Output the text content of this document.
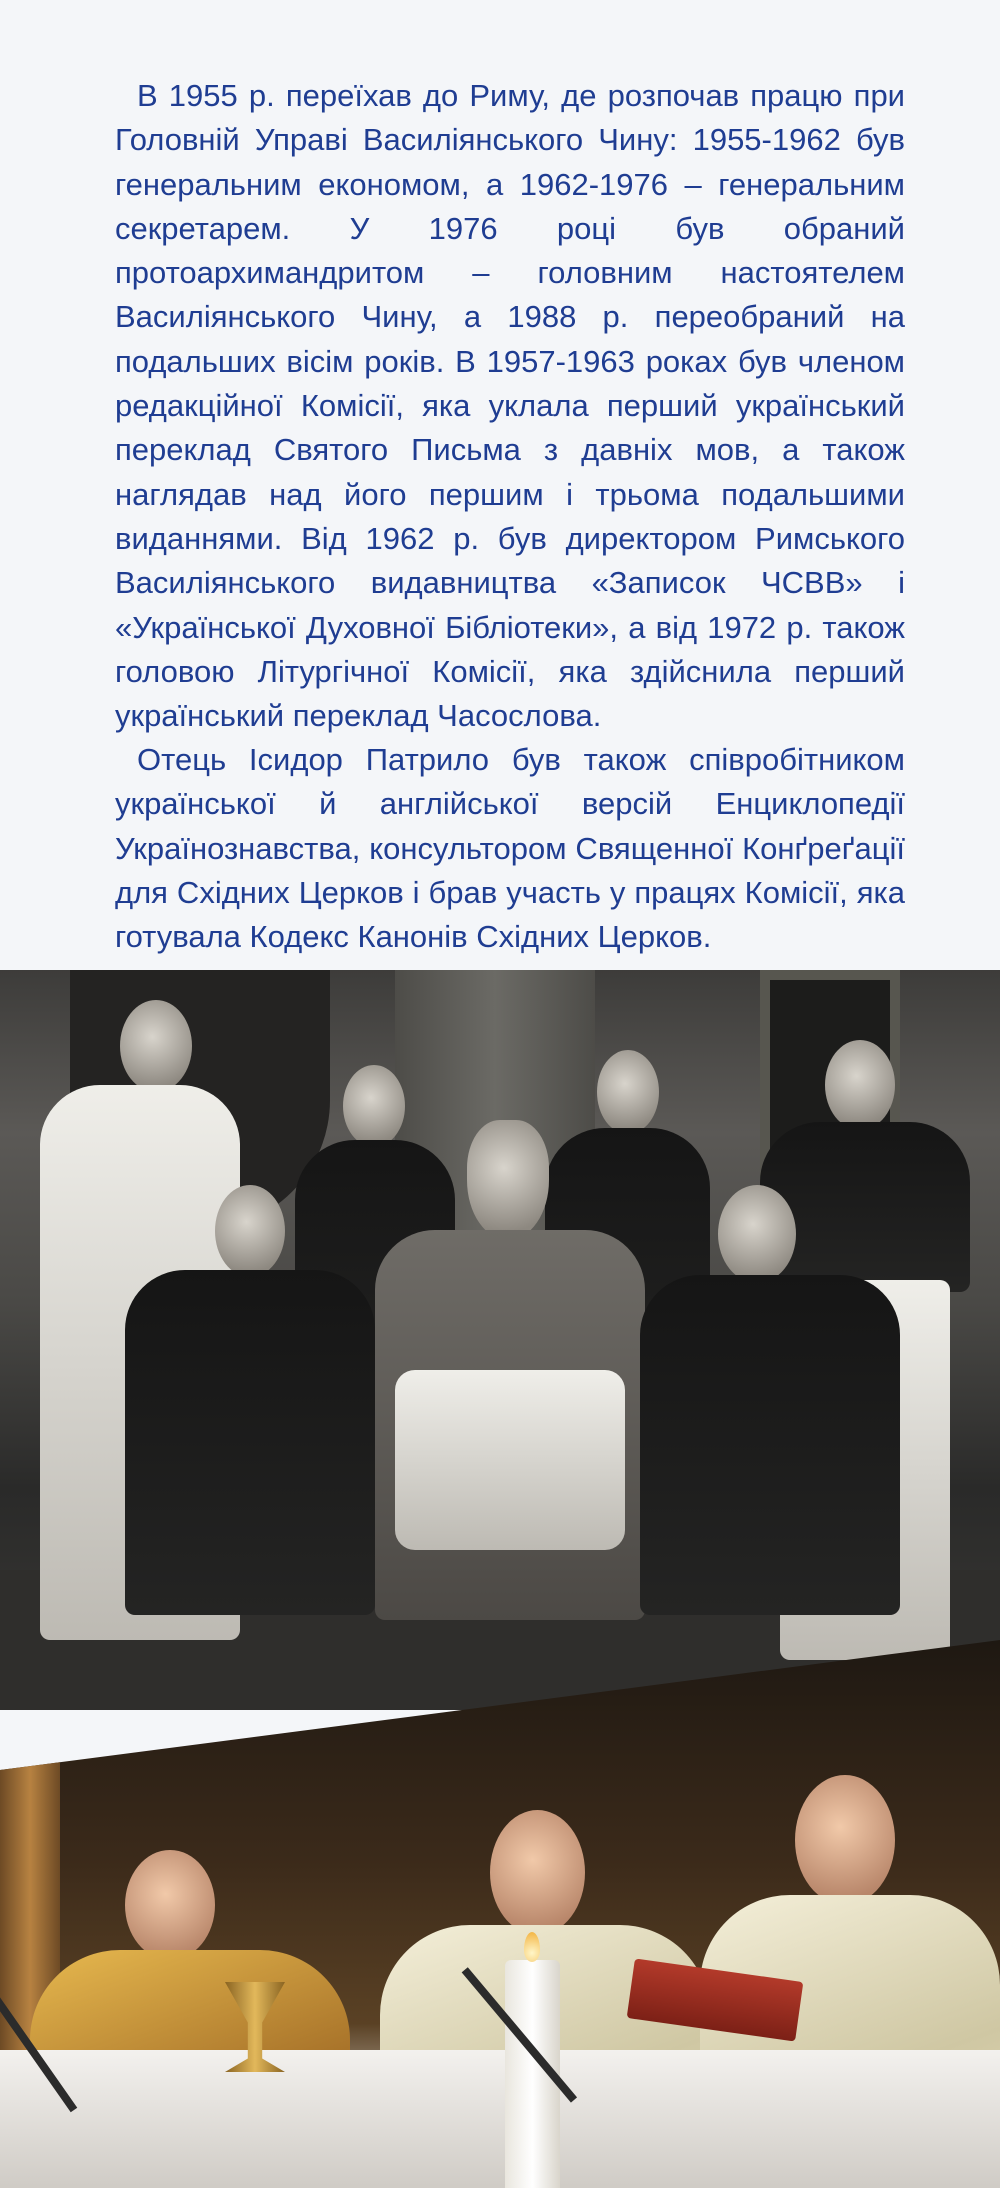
В 1955 р. переїхав до Риму, де розпочав працю при Головній Управі Василіянського Чину: 1955-1962 був генеральним економом, а 1962-1976 – генеральним секретарем. У 1976 році був обраний протоархимандритом – головним настоятелем Василіянського Чину, а 1988 р. переобраний на подальших вісім років. В 1957-1963 роках був членом редакційної Комісії, яка уклала перший український переклад Святого Письма з давніх мов, а також наглядав над його першим і трьома подальшими виданнями. Від 1962 р. був директором Римського Василіянського видавництва «Записок ЧСВВ» і «Української Духовної Бібліотеки», а від 1972 р. також головою Літургічної Комісії, яка здійснила перший український переклад Часослова.

Отець Ісидор Патрило був також співробітником української й англійської версій Енциклопедії Українознавства, консультором Священної Конґреґації для Східних Церков і брав участь у працях Комісії, яка готувала Кодекс Канонів Східних Церков.
